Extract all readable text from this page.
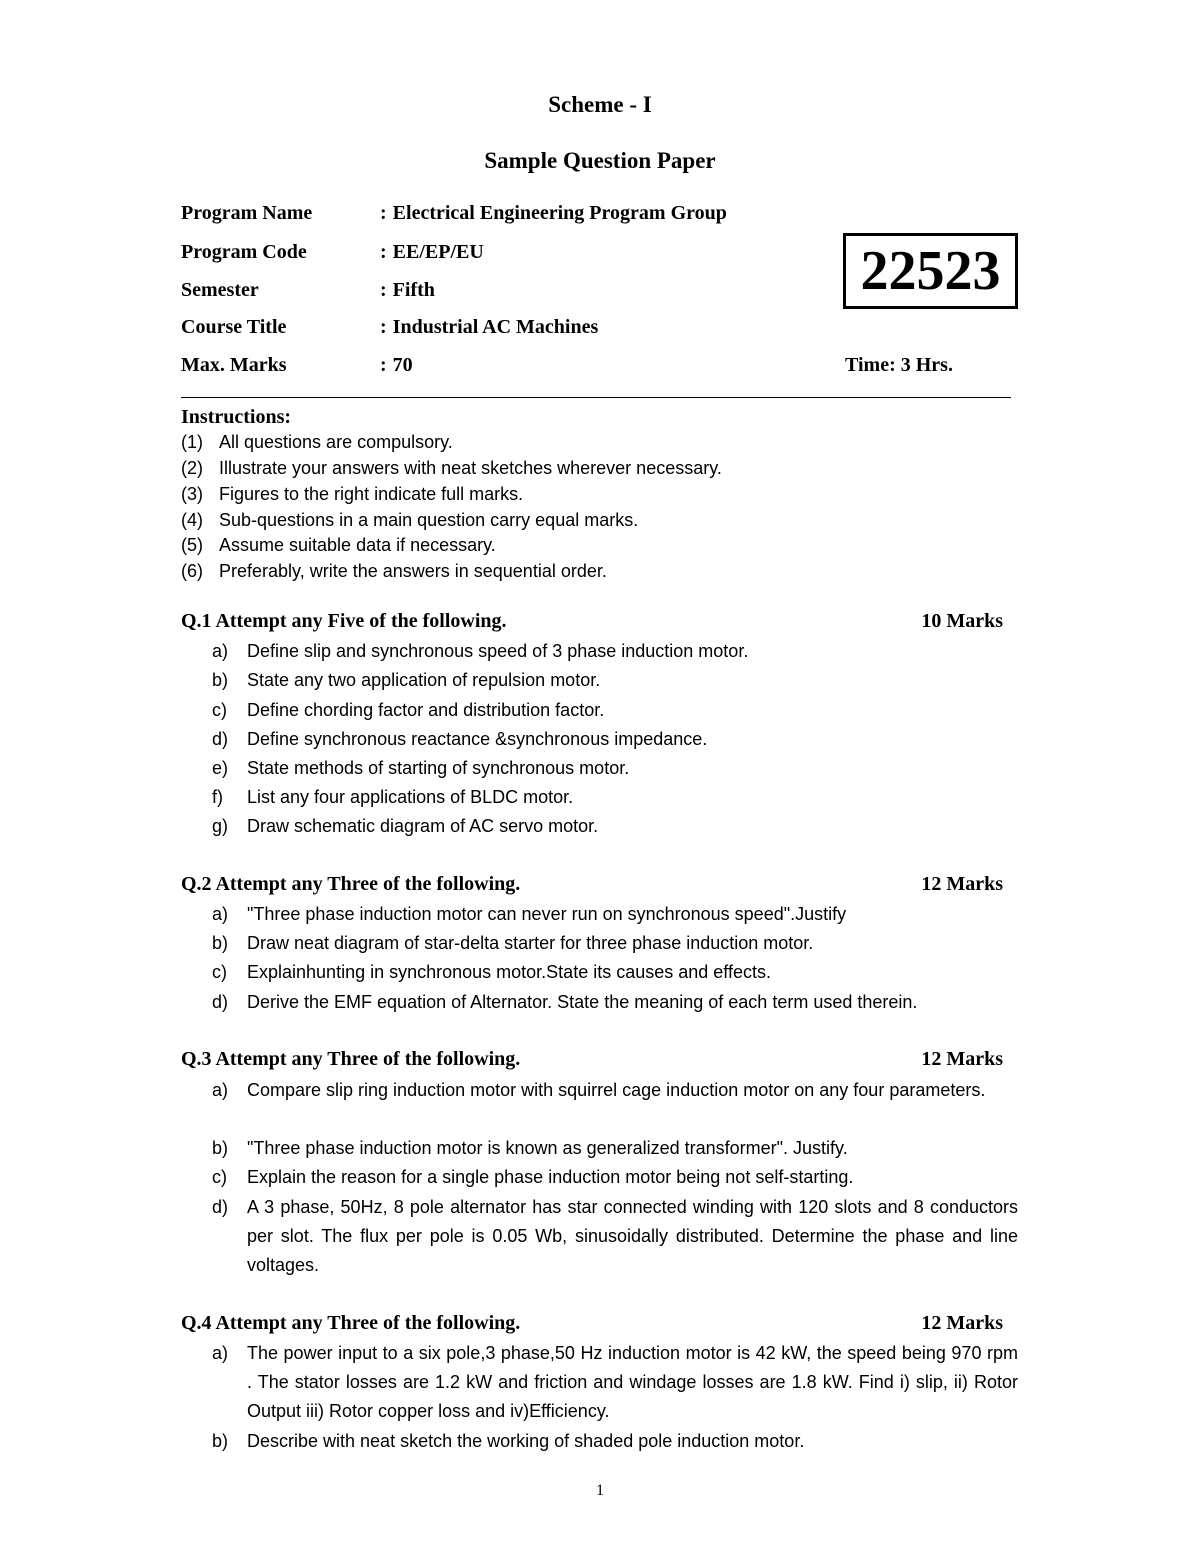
Scheme - I
Sample Question Paper
Program Name	: Electrical Engineering Program Group
Program Code	: EE/EP/EU
Semester	: Fifth
Course Title	: Industrial AC Machines
Max. Marks	: 70
22523
Time: 3 Hrs.
Instructions:
(1) All questions are compulsory.
(2) Illustrate your answers with neat sketches wherever necessary.
(3) Figures to the right indicate full marks.
(4) Sub-questions in a main question carry equal marks.
(5) Assume suitable data if necessary.
(6) Preferably, write the answers in sequential order.
Q.1 Attempt any Five of the following.	10 Marks
a) Define slip and synchronous speed of 3 phase induction motor.
b) State any two application of repulsion motor.
c) Define chording factor and distribution factor.
d) Define synchronous reactance &synchronous impedance.
e) State methods of starting of synchronous motor.
f) List any four applications of BLDC motor.
g) Draw schematic diagram of AC servo motor.
Q.2 Attempt any Three of the following.	12 Marks
a) "Three phase induction motor can never run on synchronous speed".Justify
b) Draw neat diagram of star-delta starter for three phase induction motor.
c) Explainhunting in synchronous motor.State its causes and effects.
d) Derive the EMF equation of Alternator. State the meaning of each term used therein.
Q.3 Attempt any Three of the following.	12 Marks
a) Compare slip ring induction motor with squirrel cage induction motor on any four parameters.
b) "Three phase induction motor is known as generalized transformer". Justify.
c) Explain the reason for a single phase induction motor being not self-starting.
d) A 3 phase, 50Hz, 8 pole alternator has star connected winding with 120 slots and 8 conductors per slot. The flux per pole is 0.05 Wb, sinusoidally distributed. Determine the phase and line voltages.
Q.4 Attempt any Three of the following.	12 Marks
a) The power input to a six pole,3 phase,50 Hz induction motor is 42 kW, the speed being 970 rpm . The stator losses are 1.2 kW and friction and windage losses are 1.8 kW. Find i) slip, ii) Rotor Output iii) Rotor copper loss and iv)Efficiency.
b) Describe with neat sketch the working of shaded pole induction motor.
1
